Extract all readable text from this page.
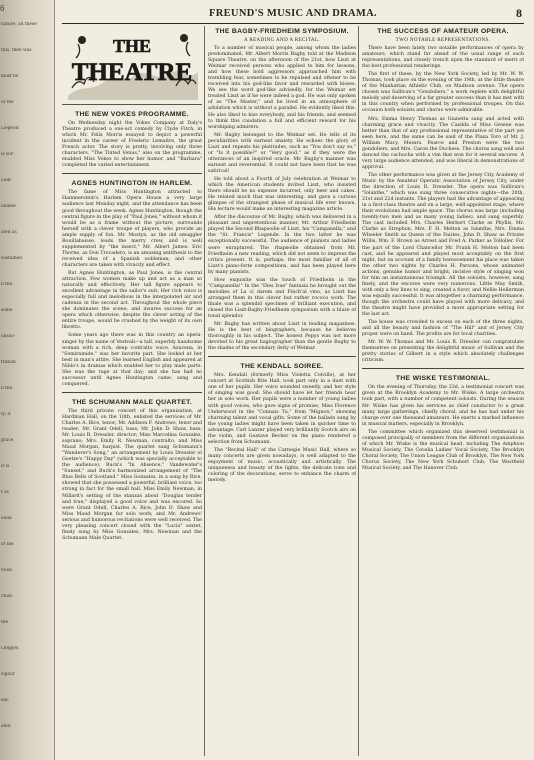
6
nature, all these
this, then was
must be
of the
Liegeoit
is sur-
Lieb-
unable
ated as
sustained
n the
some
unsus-
tration
n the
ty, it
grace
ir is
t as
ional
of the
rsion
ction
the
Lengyel,
vigour
ied,
ated
FREUND'S MUSIC AND DRAMA.	8
THE
THEATRE
THE NEW VOKES PROGRAMME.

On Wednesday night the Vokes Company at Daly's Theatre produced a one-act comedy by Clyde Fitch, in which Mr. Felix Morris essayed to depict a powerful incident in the career of Frederic Lemaitre, the great French actor. The story is pretty, involving only three characters. "The Tinted Venus," also on the programme, enabled Miss Vokes to show her humor, and "Barbara" completed the varied entertainment.

AGNES HUNTINGTON IN HARLEM.

The fame of Miss Huntington attracted to Hammerstein's Harlem Opera House a very large audience last Monday night, and the attendance has been good throughout the week. Agnes Huntington, though the central figure in the play of "Paul Jones," without whom it would be as a frame without the picture, surrounds herself with a clever troupe of players, who provide an ample supply of fun. Mr. Mostyn, as the old smuggler Bouillabaisse, leads the merry crew, and is well supplemented by "the insect," Mr. Albert James. Eric Thorne, as Don Trocadero, is an amusing antithesis to the received idea of a Spanish nobleman; and other characters are taken with vivacity and effect.

But Agnes Huntington, as Paul Jones, is the central attraction. Few women make up and act as a man so naturally and effectively. Her tall figure appears to excellent advantage in the sailor's suit. Her rich voice is especially full and melodious in the interpolated air and cadenza in the second act. Throughout the whole piece she dominates the scene, and insures success for an opera which otherwise, despite the clever acting of the entire troupe, would be crushed by the weight of its own libretto.

Some years ago there was in this country an opera-singer by the name of Vestvali—a tall, superbly handsome woman with a rich, deep contralto voice. Azucena, in "Semiramide," was her favorite part. She looked at her best in man's attire. She learned English and appeared at Niblo's in dramas which enabled her to play male parts. She was the rage at that day; and she has had no successor until Agnes Huntington came, sang and conquered.

THE SCHUMANN MALE QUARTET.

The third private concert of this organization, at Hardman Hall, on the 10th, enlisted the services of Mr. Charles A. Rice, tenor; Mr. Addison F. Andrews, tenor and reader; Mr. Grant Odell, bass; Mr. John D. Shaw, bass; Mr. Louis R. Dressler, director; Miss Marcelina Gonzalez, soprano; Mrs. Emily R. Newman, contralto, and Miss Maud Morgan, harpist. The quartet sang Schumann's "Wanderer's Song," an arrangement by Louis Dressler of Goetze's "Happy Day" (which was specially acceptable to the audience), Buck's "In Absence," Vandewater's "Sunset," and Buck's harmonized arrangement of "The Blue Bells of Scotland." Miss Gonzalez, in a song by Rice, showed that she possessed a powerful, brilliant voice, too strong in fact for the small hall. Miss Emily Newman, in Millard's setting of the stanzas about "Douglas tender and true," displayed a good voice and was encored. So were Grant Odell, Charles A. Rice, John D. Shaw and Miss Maud Morgan for solo work; and Mr. Andrews' serious and humorous recitations were well received. The very pleasing concert closed with the "Lucia" sextet, finely sung by Miss Gonzales, Mrs. Newman and the Schumann Male Quartet.

THE BAGBY-FRIEDHEIM SYMPOSIUM.
A READING AND A RECITAL.

To a number of musical people, among whom the ladies predominated, Mr. Albert Morris Bagby told at the Madison Square Theatre, on the afternoon of the 21st, how Liszt at Weimar received persons who applied to him for lessons, and how these bold aggressors approached him with trembling fear, sometimes to be repulsed and oftener to be received into his god-like favor and rewarded with kisses. We see the word god-like advisedly, for the Weimar set treated Liszt as if he were indeed a god. He was only spoken of as "The Master," and he lived in an atmosphere of adulation which is without a parallel. He evidently liked this. He also liked to kiss everybody, and his friends, and seemed to think this caudation a full and efficient reward for his worshiping admirers.

Mr. Bagby belonged to the Weimar set. He tells of its peculiarities with earnest anxiety. He echoes the glory of Liszt and repeats his platitudes, such as "You don't say so," or "Is it possible?" or "Very good," as if they were the utterances of an inspired oracle. Mr. Bagby's manner was earnest and reverential. It could not have been that he was satirical!

He told about a Fourth of July celebration at Weimar to which the American students invited Liszt, who insisted there should be no expense incurred, only beer and cakes. He related much that was interesting, and gave a curious glimpse of the strangest phase of musical life ever known. His lecture would make an interesting magazine article.

After the discourse of Mr. Bagby, which was delivered in a pleasant and unpretentious manner, Mr. Arthur Friedheim played the Second Rhapsodie of Liszt, his "Campanella," and the "St. Francis" Legende. In the two latter he was exceptionally successful. The audience of pianists and ladies were enraptured. The rhapsodie obtained from Mr. Friedheim a new reading, which did not seem to impress the critics present. It is, perhaps, the most familiar of all of Liszt's piano-forte compositions, and has been played here by many pianists.

How exquisite was the touch of Friedheim in the "Campanella!" In the "Dies Irae" fantasia he brought out the melodies of La ci darem and Finch'al vino, as Liszt has arranged them in this clever but rather rococo work. The finale was a splendid specimen of brilliant execution, and closed the Liszt-Bagby-Friedheim symposium with a blaze of tonal splendor.

Mr. Bagby has written about Liszt in leading magazines. He is the best of biographers, because he believes thoroughly in his subject. The honest Pepys was not more devoted to his great hagiographer than the gentle Bagby to the shades of the secondary deity of Weimar.

THE KENDALL SOIREE.

Mrs. Kendall (formerly Miss Violetta Colville), at her concert at Scottish Rite Hall, took part only in a duet with one of her pupils. Her voice sounded sweetly, and her style of singing was good. She should have let her friends hear her in solo work. Her pupils were a number of young ladies with good voices, who gave signs of promise, Miss Florence Underwood in the "Connais Tu," from "Mignon," showing charming talent and vocal gifts. Some of the ballads sung by the young ladies might have been taken in quicker time to advantage. Carl Lanzer played very brilliantly Scotch airs on the violin, and Gustave Becker on the piano rendered a selection from Schumann.

The "Recital Hall" of the Carnegie Music Hall, where so many concerts are given nowadays, is well adapted to the enjoyment of music, acoustically and artistically. The uniqueness and beauty of the lights, the delicate tone and coloring of the decorations, serve to enhance the charm of melody.

THE SUCCESS OF AMATEUR OPERA.
TWO NOTABLE REPRESENTATIONS.

There have been lately two notable performances of opera by amateurs, which stand far ahead of the usual range of such representations, and closely trench upon the standard of merit of the best professional renderings.

The first of these, by the New York Society, led by Mr. W. W. Thomas, took place on the evening of the 19th, at the little theatre of the Manhattan Athletic Club, on Madison avenue. The opera chosen was Sullivan's "Gondoliers," a work replete with delightful melody and deserving of a far greater success than it has met with in this country when performed by professional troupes. On this occasion both soloists and chorus were admirable.

Mrs. Emma Henry Thomas as Gianetta sang and acted with charming grace and vivacity. The Casilda of Miss Greene was better than that of any professional representative of the part yet seen here, and the same can be said of the Plaza Toro of Mr. J. William Macy. Messrs. Pearce and Preston were the two gondoliers, and Mrs. Caron the Duchess. The chorus sang well and danced the cachucha with a vim that won for it several encores. A very large audience attended, and was liberal in demonstrations of approval.

The other performance was given at the Jersey City Academy of Music by the Amateur Operatic Association of Jersey City, under the direction of Louis R. Dressler. The opera was Sullivan's "Iolanthe," which was sung three consecutive nights—the 20th, 21st and 22d instants. The players had the advantage of appearing in a first-class theatre and on a large, well-appointed stage, where their evolutions had ample space. The chorus was large (including twenty-two men and as many young ladies), and sang superbly. The cast included Mrs. Charles Herbert Clarke as Phyllis, Mr. Clarke as Strephon, Mrs. F. H. Melton as Iolanthe, Mrs. Emma Wheeler Smith as Queen of the Fairies, John D. Shaw as Private Willis, Wm. F. Brown as Arrest and Fred A. Parker as Tolloller. For the part of the Lord Chancellor Mr. Frank H. Melton had been cast, and he appeared and played most acceptably on the first night, but on account of a family bereavement his place was taken the other two nights by Charles H. Parsons, whose animated actions, genuine humor and bright, incisive style of singing won for him an instantaneous triumph. All the soloists, however, sang finely, and the encores were very numerous. Little May Smith, with only a few lines to sing, created a furor, and Nellie Hellerman was equally successful. It was altogether a charming performance, though the orchestra could have played with more delicacy, and the theatre might have provided a more appropriate setting for the last act.

The house was crowded to excess on each of the three nights, and all the beauty and fashion of "The Hill" and of Jersey City proper were on hand. The profits are for local charities.

Mr. W. W. Thomas and Mr. Louis R. Dressler can congratulate themselves on presenting the delightful music of Sullivan and the pretty stories of Gilbert in a style which absolutely challenges criticism.

THE WISKE TESTIMONIAL.

On the evening of Thursday, the 23d, a testimonial concert was given at the Brooklyn Academy to Mr. Wiske. A large orchestra took part, with a number of competent soloists. During the season Mr. Wiske has given his services as chief conductor to a great many large gatherings, chiefly choral, and he has had under his charge over one thousand amateurs. He exerts a marked influence in musical matters, especially in Brooklyn.

The committee which organized this deserved testimonial is composed principally of members from the different organizations of which Mr. Wiske is the musical head, including The Amphion Musical Society, The Cecelia Ladies' Vocal Society, The Brooklyn Choral Society, The Union League Club of Brooklyn, The New York Chorus Society, The New York Schubert Club, The Westfield Musical Society, and The Hanover Club.
